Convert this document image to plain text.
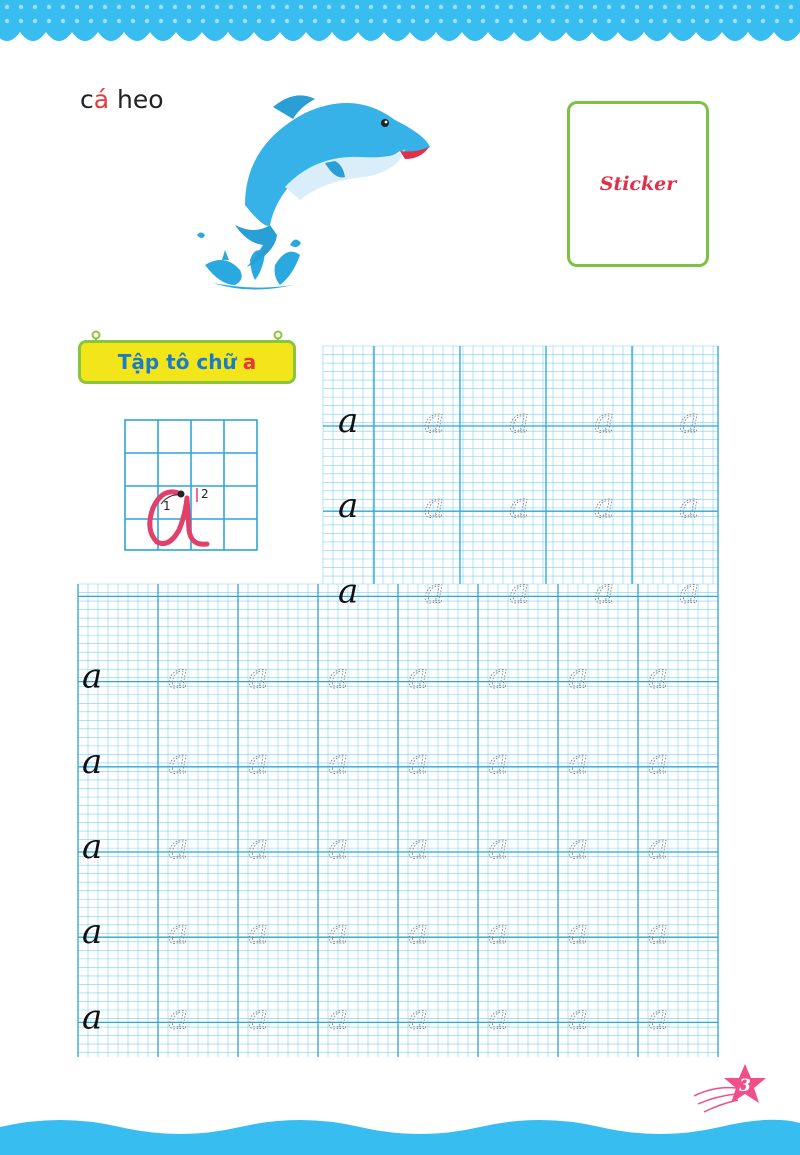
cá heo
Sticker
Tập tô chữ a
1
2
a a a a a
a a a a a
a a a a a
a a a a a a a a
a a a a a a a a
a a a a a a a a
a a a a a a a a
a a a a a a a a
3
